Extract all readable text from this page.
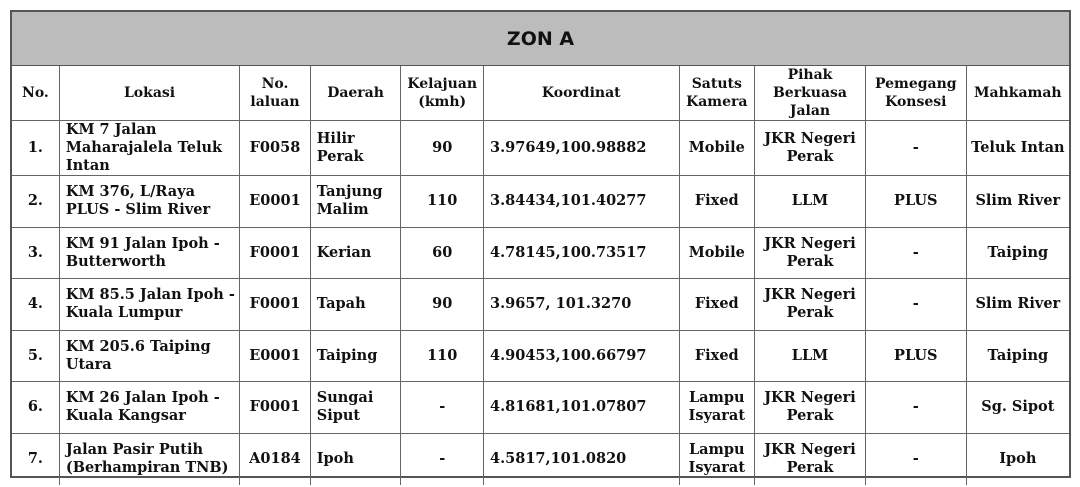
ZON A
No.	Lokasi	No. laluan	Daerah	Kelajuan (kmh)	Koordinat	Satuts Kamera	Pihak Berkuasa Jalan	Pemegang Konsesi	Mahkamah
1.	KM 7 Jalan Maharajalela Teluk Intan	F0058	Hilir Perak	90	3.97649,100.98882	Mobile	JKR Negeri Perak	-	Teluk Intan
2.	KM 376, L/Raya PLUS - Slim River	E0001	Tanjung Malim	110	3.84434,101.40277	Fixed	LLM	PLUS	Slim River
3.	KM 91 Jalan Ipoh - Butterworth	F0001	Kerian	60	4.78145,100.73517	Mobile	JKR Negeri Perak	-	Taiping
4.	KM 85.5 Jalan Ipoh - Kuala Lumpur	F0001	Tapah	90	3.9657, 101.3270	Fixed	JKR Negeri Perak	-	Slim River
5.	KM 205.6 Taiping Utara	E0001	Taiping	110	4.90453,100.66797	Fixed	LLM	PLUS	Taiping
6.	KM 26 Jalan Ipoh - Kuala Kangsar	F0001	Sungai Siput	-	4.81681,101.07807	Lampu Isyarat	JKR Negeri Perak	-	Sg. Sipot
7.	Jalan Pasir Putih (Berhampiran TNB)	A0184	Ipoh	-	4.5817,101.0820	Lampu Isyarat	JKR Negeri Perak	-	Ipoh
